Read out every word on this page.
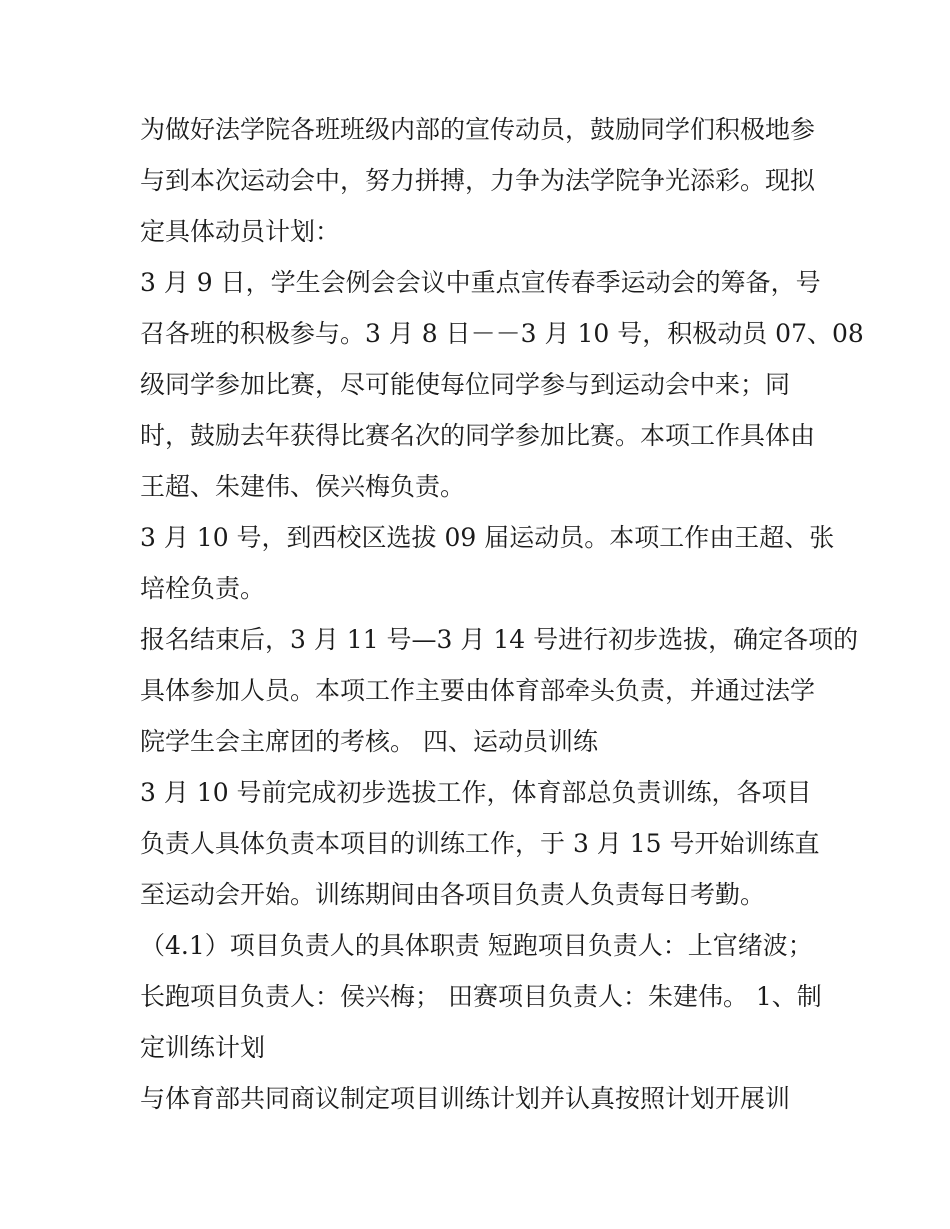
为做好法学院各班班级内部的宣传动员，鼓励同学们积极地参
与到本次运动会中，努力拼搏，力争为法学院争光添彩。现拟
定具体动员计划：
3 月 9 日，学生会例会会议中重点宣传春季运动会的筹备，号
召各班的积极参与。3 月 8 日－－3 月 10 号，积极动员 07、08
级同学参加比赛，尽可能使每位同学参与到运动会中来；同
时，鼓励去年获得比赛名次的同学参加比赛。本项工作具体由
王超、朱建伟、侯兴梅负责。
3 月 10 号，到西校区选拔 09 届运动员。本项工作由王超、张
培栓负责。
报名结束后，3 月 11 号—3 月 14 号进行初步选拔，确定各项的
具体参加人员。本项工作主要由体育部牵头负责，并通过法学
院学生会主席团的考核。 四、运动员训练
3 月 10 号前完成初步选拔工作，体育部总负责训练，各项目
负责人具体负责本项目的训练工作，于 3 月 15 号开始训练直
至运动会开始。训练期间由各项目负责人负责每日考勤。
（4.1）项目负责人的具体职责 短跑项目负责人：上官绪波；
长跑项目负责人：侯兴梅； 田赛项目负责人：朱建伟。 1、制
定训练计划
与体育部共同商议制定项目训练计划并认真按照计划开展训
